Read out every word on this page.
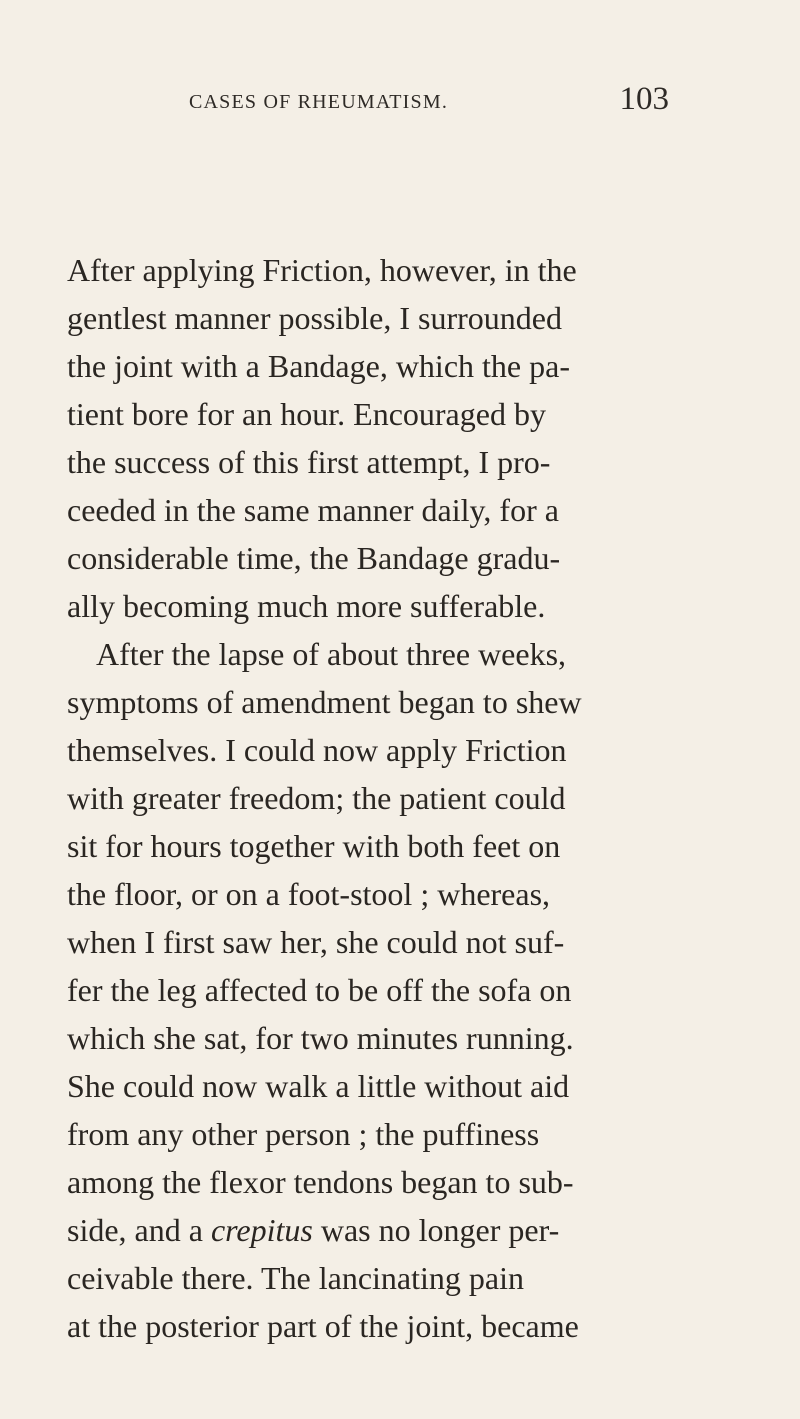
CASES OF RHEUMATISM.	103
After applying Friction, however, in the
gentlest manner possible, I surrounded
the joint with a Bandage, which the pa-
tient bore for an hour. Encouraged by
the success of this first attempt, I pro-
ceeded in the same manner daily, for a
considerable time, the Bandage gradu-
ally becoming much more sufferable.
After the lapse of about three weeks,
symptoms of amendment began to shew
themselves. I could now apply Friction
with greater freedom; the patient could
sit for hours together with both feet on
the floor, or on a foot-stool ; whereas,
when I first saw her, she could not suf-
fer the leg affected to be off the sofa on
which she sat, for two minutes running.
She could now walk a little without aid
from any other person ; the puffiness
among the flexor tendons began to sub-
side, and a crepitus was no longer per-
ceivable there. The lancinating pain
at the posterior part of the joint, became
